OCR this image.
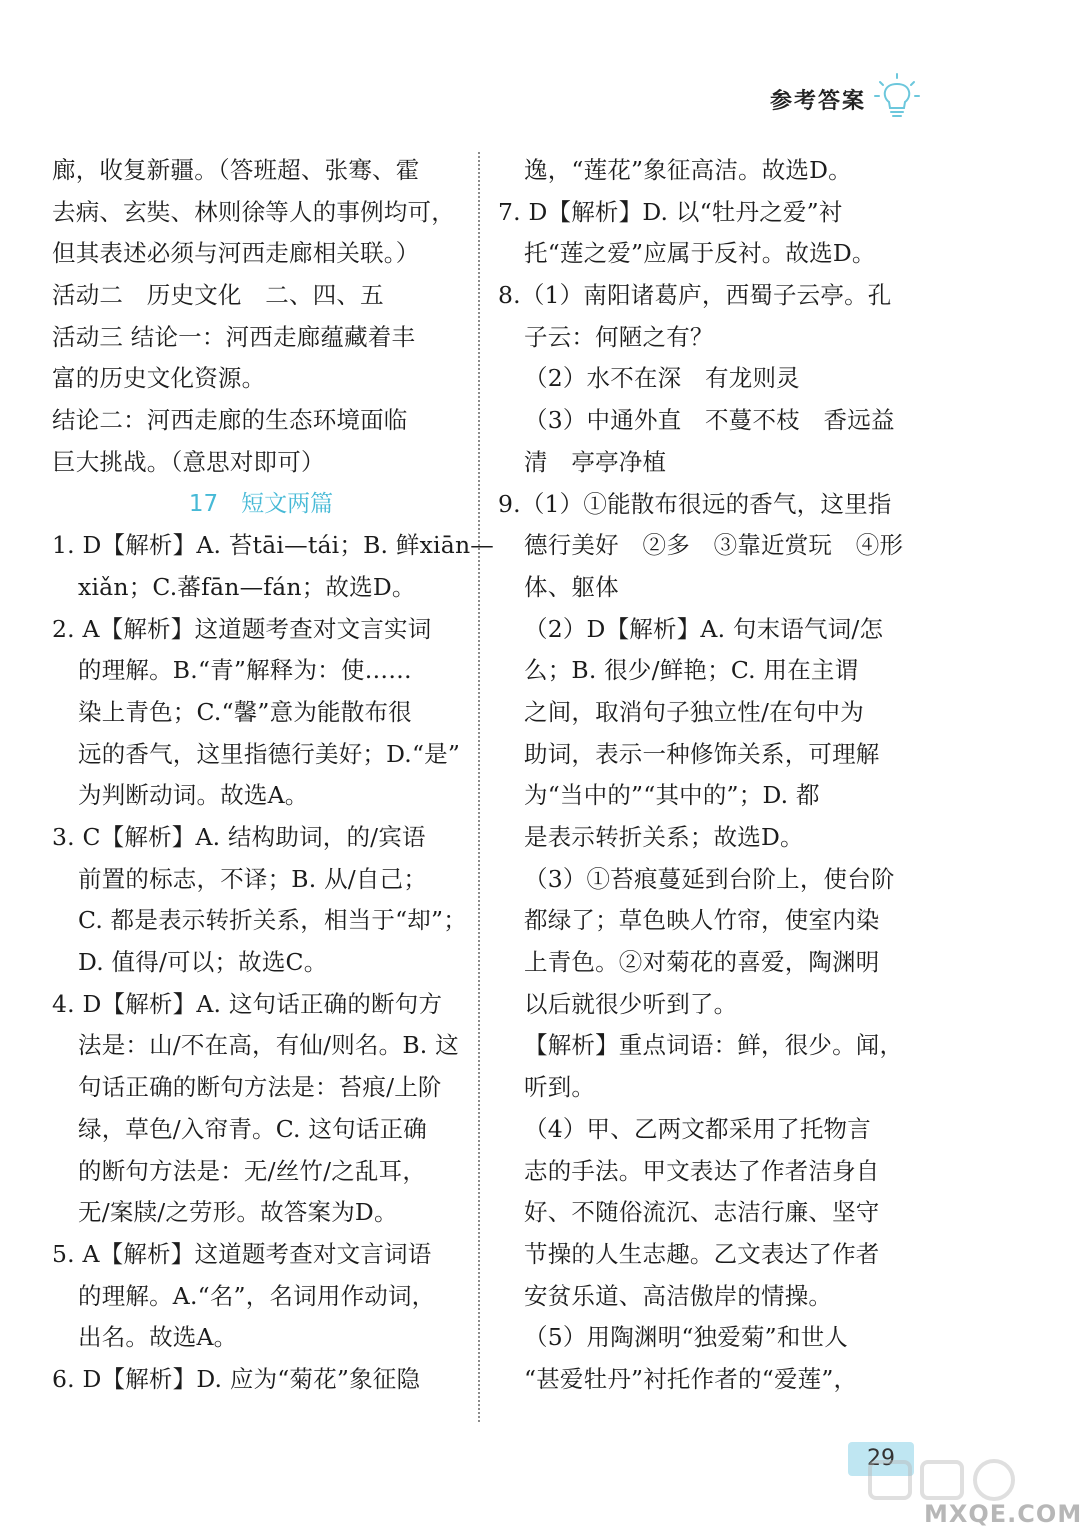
参考答案
廊，收复新疆。（答班超、张骞、霍
去病、玄奘、林则徐等人的事例均可，
但其表述必须与河西走廊相关联。）
活动二　历史文化　二、四、五
活动三 结论一：河西走廊蕴藏着丰
富的历史文化资源。
结论二：河西走廊的生态环境面临
巨大挑战。（意思对即可）
17　短文两篇
1. D【解析】A. 苔tāi—tái；B. 鲜xiān—
xiǎn；C.蕃fān—fán；故选D。
2. A【解析】这道题考查对文言实词
的理解。B.“青”解释为：使……
染上青色；C.“馨”意为能散布很
远的香气，这里指德行美好；D.“是”
为判断动词。故选A。
3. C【解析】A. 结构助词，的/宾语
前置的标志，不译；B. 从/自己；
C. 都是表示转折关系，相当于“却”；
D. 值得/可以；故选C。
4. D【解析】A. 这句话正确的断句方
法是：山/不在高，有仙/则名。B. 这
句话正确的断句方法是：苔痕/上阶
绿，草色/入帘青。C. 这句话正确
的断句方法是：无/丝竹/之乱耳，
无/案牍/之劳形。故答案为D。
5. A【解析】这道题考查对文言词语
的理解。A.“名”，名词用作动词，
出名。故选A。
6. D【解析】D. 应为“菊花”象征隐
逸，“莲花”象征高洁。故选D。
7. D【解析】D. 以“牡丹之爱”衬
托“莲之爱”应属于反衬。故选D。
8.（1）南阳诸葛庐，西蜀子云亭。孔
子云：何陋之有？
（2）水不在深　有龙则灵
（3）中通外直　不蔓不枝　香远益
清　亭亭净植
9.（1）①能散布很远的香气，这里指
德行美好　②多　③靠近赏玩　④形
体、躯体
（2）D【解析】A. 句末语气词/怎
么；B. 很少/鲜艳；C. 用在主谓
之间，取消句子独立性/在句中为
助词，表示一种修饰关系，可理解
为“当中的”“其中的”；D. 都
是表示转折关系；故选D。
（3）①苔痕蔓延到台阶上，使台阶
都绿了；草色映人竹帘，使室内染
上青色。②对菊花的喜爱，陶渊明
以后就很少听到了。
【解析】重点词语：鲜，很少。闻，
听到。
（4）甲、乙两文都采用了托物言
志的手法。甲文表达了作者洁身自
好、不随俗流沉、志洁行廉、坚守
节操的人生志趣。乙文表达了作者
安贫乐道、高洁傲岸的情操。
（5）用陶渊明“独爱菊”和世人
“甚爱牡丹”衬托作者的“爱莲”，
29
MXQE.COM
